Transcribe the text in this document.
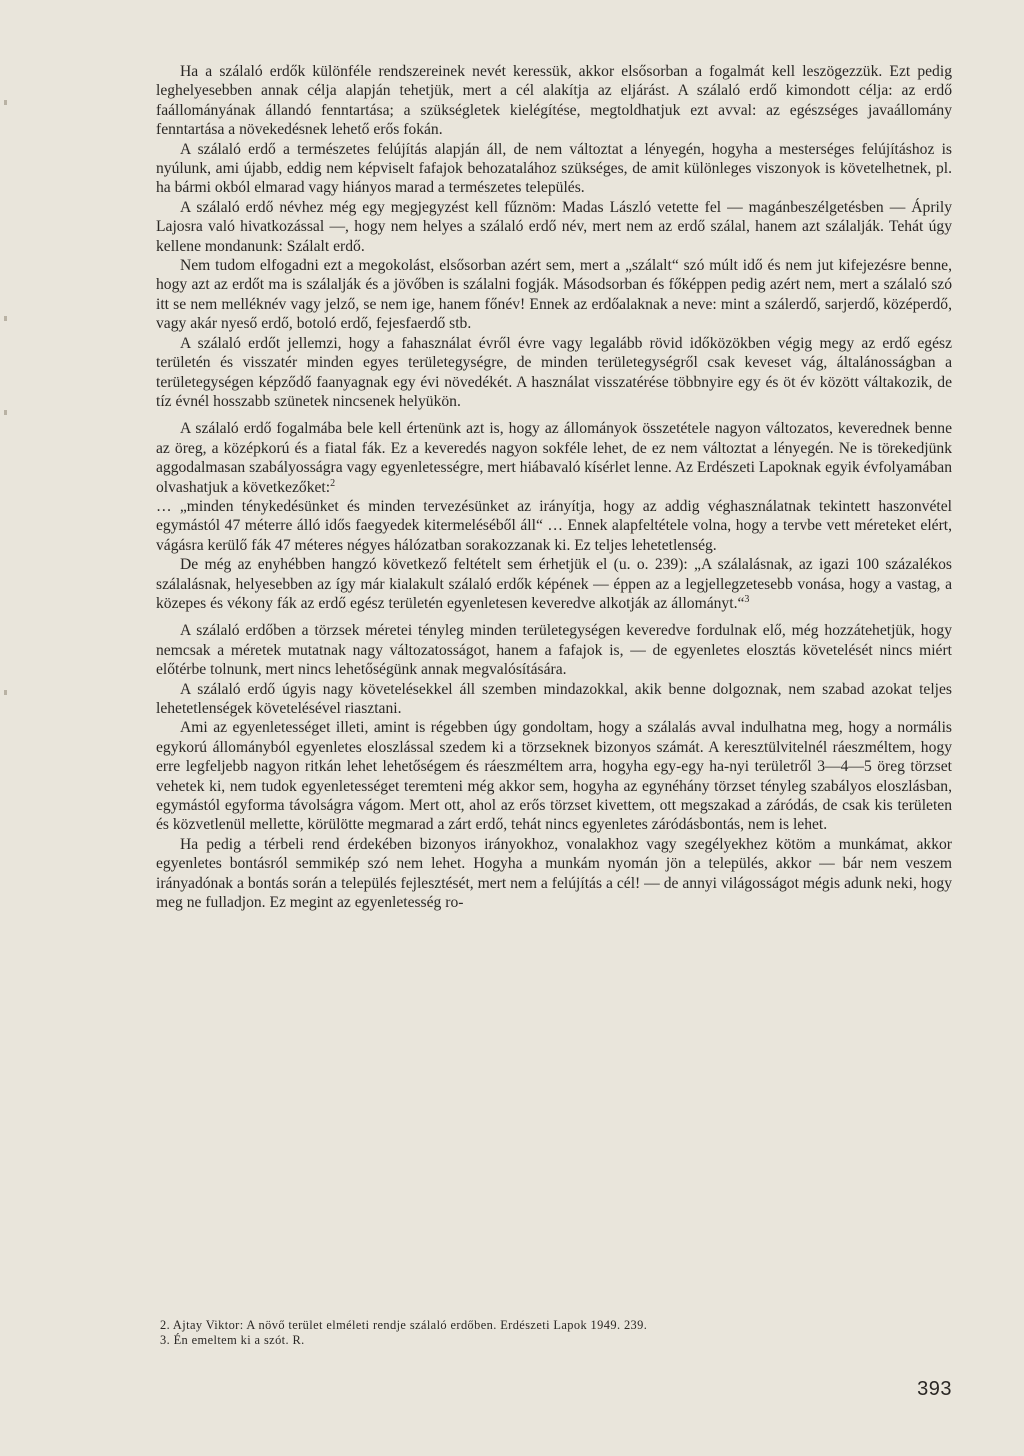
Ha a szálaló erdők különféle rendszereinek nevét keressük, akkor elsősorban a fogalmát kell leszögezzük. Ezt pedig leghelyesebben annak célja alapján tehetjük, mert a cél alakítja az eljárást. A szálaló erdő kimondott célja: az erdő faállományának állandó fenntartása; a szükségletek kielégítése, megtoldhatjuk ezt avval: az egészséges javaállomány fenntartása a növekedésnek lehető erős fokán.

A szálaló erdő a természetes felújítás alapján áll, de nem változtat a lényegén, hogyha a mesterséges felújításhoz is nyúlunk, ami újabb, eddig nem képviselt fafajok behozatalához szükséges, de amit különleges viszonyok is követelhetnek, pl. ha bármi okból elmarad vagy hiányos marad a természetes település.

A szálaló erdő névhez még egy megjegyzést kell fűznöm: Madas László vetette fel — magánbeszélgetésben — Áprily Lajosra való hivatkozással —, hogy nem helyes a szálaló erdő név, mert nem az erdő szálal, hanem azt szálalják. Tehát úgy kellene mondanunk: Szálalt erdő.

Nem tudom elfogadni ezt a megokolást, elsősorban azért sem, mert a „szálalt“ szó múlt idő és nem jut kifejezésre benne, hogy azt az erdőt ma is szálalják és a jövőben is szálalni fogják. Másodsorban és főképpen pedig azért nem, mert a szálaló szó itt se nem melléknév vagy jelző, se nem ige, hanem főnév! Ennek az erdőalaknak a neve: mint a szálerdő, sarjerdő, középerdő, vagy akár nyeső erdő, botoló erdő, fejesfaerdő stb.

A szálaló erdőt jellemzi, hogy a fahasználat évről évre vagy legalább rövid időközökben végig megy az erdő egész területén és visszatér minden egyes területegységre, de minden területegységről csak keveset vág, általánosságban a területegységen képződő faanyagnak egy évi növedékét. A használat visszatérése többnyire egy és öt év között váltakozik, de tíz évnél hosszabb szünetek nincsenek helyükön.

A szálaló erdő fogalmába bele kell értenünk azt is, hogy az állományok összetétele nagyon változatos, keverednek benne az öreg, a középkorú és a fiatal fák. Ez a keveredés nagyon sokféle lehet, de ez nem változtat a lényegén. Ne is törekedjünk aggodalmasan szabályosságra vagy egyenletességre, mert hiábavaló kísérlet lenne. Az Erdészeti Lapoknak egyik évfolyamában olvashatjuk a következőket:$^2$

… „minden ténykedésünket és minden tervezésünket az irányítja, hogy az addig véghasználatnak tekintett haszonvétel egymástól 47 méterre álló idős faegyedek kitermeléséből áll“ … Ennek alapfeltétele volna, hogy a tervbe vett méreteket elért, vágásra kerülő fák 47 méteres négyes hálózatban sorakozzanak ki. Ez teljes lehetetlenség.

De még az enyhébben hangzó következő feltételt sem érhetjük el (u. o. 239): „A szálalásnak, az igazi 100 százalékos szálalásnak, helyesebben az így már kialakult szálaló erdők képének — éppen az a legjellegzetesebb vonása, hogy a vastag, a közepes és vékony fák az erdő egész területén egyenletesen keveredve alkotják az állományt.“$^3$

A szálaló erdőben a törzsek méretei tényleg minden területegységen keveredve fordulnak elő, még hozzátehetjük, hogy nemcsak a méretek mutatnak nagy változatosságot, hanem a fafajok is, — de egyenletes elosztás követelését nincs miért előtérbe tolnunk, mert nincs lehetőségünk annak megvalósítására.

A szálaló erdő úgyis nagy követelésekkel áll szemben mindazokkal, akik benne dolgoznak, nem szabad azokat teljes lehetetlenségek követelésével riasztani.

Ami az egyenletességet illeti, amint is régebben úgy gondoltam, hogy a szálalás avval indulhatna meg, hogy a normális egykorú állományból egyenletes eloszlással szedem ki a törzseknek bizonyos számát. A keresztülvitelnél ráeszméltem, hogy erre legfeljebb nagyon ritkán lehet lehetőségem és ráeszméltem arra, hogyha egy-egy ha-nyi területről 3—4—5 öreg törzset vehetek ki, nem tudok egyenletességet teremteni még akkor sem, hogyha az egynéhány törzset tényleg szabályos eloszlásban, egymástól egyforma távolságra vágom. Mert ott, ahol az erős törzset kivettem, ott megszakad a záródás, de csak kis területen és közvetlenül mellette, körülötte megmarad a zárt erdő, tehát nincs egyenletes záródásbontás, nem is lehet.

Ha pedig a térbeli rend érdekében bizonyos irányokhoz, vonalakhoz vagy szegélyekhez kötöm a munkámat, akkor egyenletes bontásról semmikép szó nem lehet. Hogyha a munkám nyomán jön a település, akkor — bár nem veszem irányadónak a bontás során a település fejlesztését, mert nem a felújítás a cél! — de annyi világosságot mégis adunk neki, hogy meg ne fulladjon. Ez megint az egyenletesség ro-

2. Ajtay Viktor: A növő terület elméleti rendje szálaló erdőben. Erdészeti Lapok 1949. 239.
3. Én emeltem ki a szót. R.
393
